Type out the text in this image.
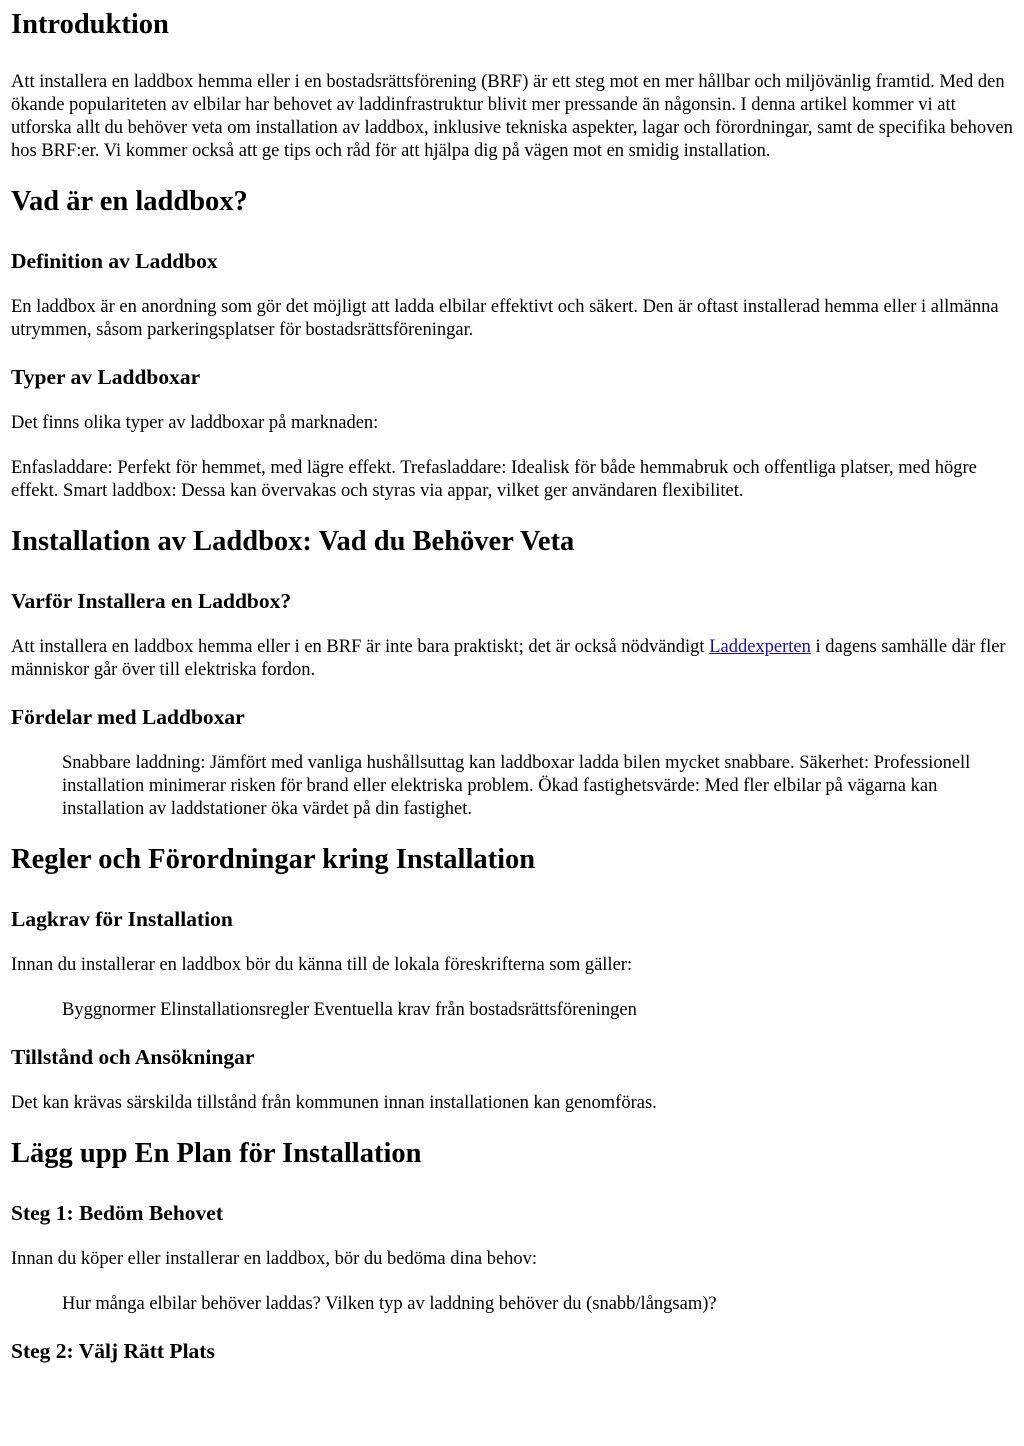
Introduktion

Att installera en laddbox hemma eller i en bostadsrättsförening (BRF) är ett steg mot en mer hållbar och miljövänlig framtid. Med den ökande populariteten av elbilar har behovet av laddinfrastruktur blivit mer pressande än någonsin. I denna artikel kommer vi att utforska allt du behöver veta om installation av laddbox, inklusive tekniska aspekter, lagar och förordningar, samt de specifika behoven hos BRF:er. Vi kommer också att ge tips och råd för att hjälpa dig på vägen mot en smidig installation.

Vad är en laddbox?
Definition av Laddbox

En laddbox är en anordning som gör det möjligt att ladda elbilar effektivt och säkert. Den är oftast installerad hemma eller i allmänna utrymmen, såsom parkeringsplatser för bostadsrättsföreningar.

Typer av Laddboxar

Det finns olika typer av laddboxar på marknaden:

Enfasladdare: Perfekt för hemmet, med lägre effekt. Trefasladdare: Idealisk för både hemmabruk och offentliga platser, med högre effekt. Smart laddbox: Dessa kan övervakas och styras via appar, vilket ger användaren flexibilitet.

Installation av Laddbox: Vad du Behöver Veta
Varför Installera en Laddbox?

Att installera en laddbox hemma eller i en BRF är inte bara praktiskt; det är också nödvändigt Laddexperten i dagens samhälle där fler människor går över till elektriska fordon.

Fördelar med Laddboxar
Snabbare laddning: Jämfört med vanliga hushållsuttag kan laddboxar ladda bilen mycket snabbare. Säkerhet: Professionell installation minimerar risken för brand eller elektriska problem. Ökad fastighetsvärde: Med fler elbilar på vägarna kan installation av laddstationer öka värdet på din fastighet.
Regler och Förordningar kring Installation
Lagkrav för Installation

Innan du installerar en laddbox bör du känna till de lokala föreskrifterna som gäller:

Byggnormer Elinstallationsregler Eventuella krav från bostadsrättsföreningen
Tillstånd och Ansökningar

Det kan krävas särskilda tillstånd från kommunen innan installationen kan genomföras.

Lägg upp En Plan för Installation
Steg 1: Bedöm Behovet

Innan du köper eller installerar en laddbox, bör du bedöma dina behov:

Hur många elbilar behöver laddas? Vilken typ av laddning behöver du (snabb/långsam)?
Steg 2: Välj Rätt Plats
